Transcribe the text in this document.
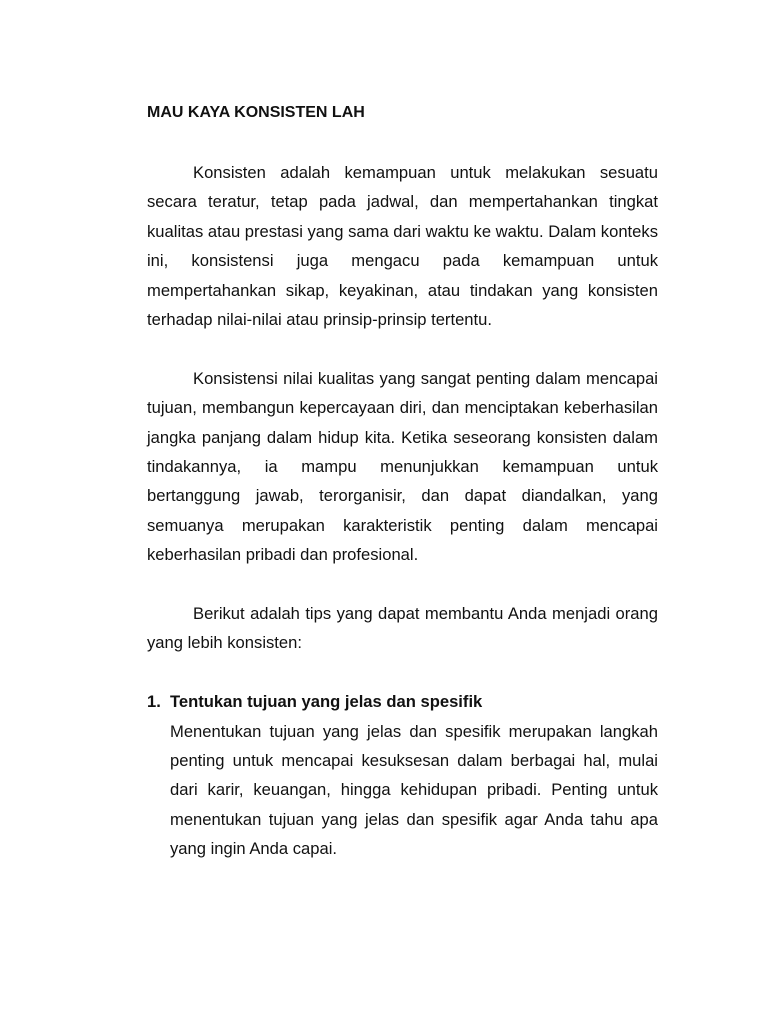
MAU KAYA KONSISTEN LAH

Konsisten adalah kemampuan untuk melakukan sesuatu secara teratur, tetap pada jadwal, dan mempertahankan tingkat kualitas atau prestasi yang sama dari waktu ke waktu. Dalam konteks ini, konsistensi juga mengacu pada kemampuan untuk mempertahankan sikap, keyakinan, atau tindakan yang konsisten terhadap nilai-nilai atau prinsip-prinsip tertentu.

Konsistensi nilai kualitas yang sangat penting dalam mencapai tujuan, membangun kepercayaan diri, dan menciptakan keberhasilan jangka panjang dalam hidup kita. Ketika seseorang konsisten dalam tindakannya, ia mampu menunjukkan kemampuan untuk bertanggung jawab, terorganisir, dan dapat diandalkan, yang semuanya merupakan karakteristik penting dalam mencapai keberhasilan pribadi dan profesional.

Berikut adalah tips yang dapat membantu Anda menjadi orang yang lebih konsisten:

1. Tentukan tujuan yang jelas dan spesifik

Menentukan tujuan yang jelas dan spesifik merupakan langkah penting untuk mencapai kesuksesan dalam berbagai hal, mulai dari karir, keuangan, hingga kehidupan pribadi. Penting untuk menentukan tujuan yang jelas dan spesifik agar Anda tahu apa yang ingin Anda capai.
